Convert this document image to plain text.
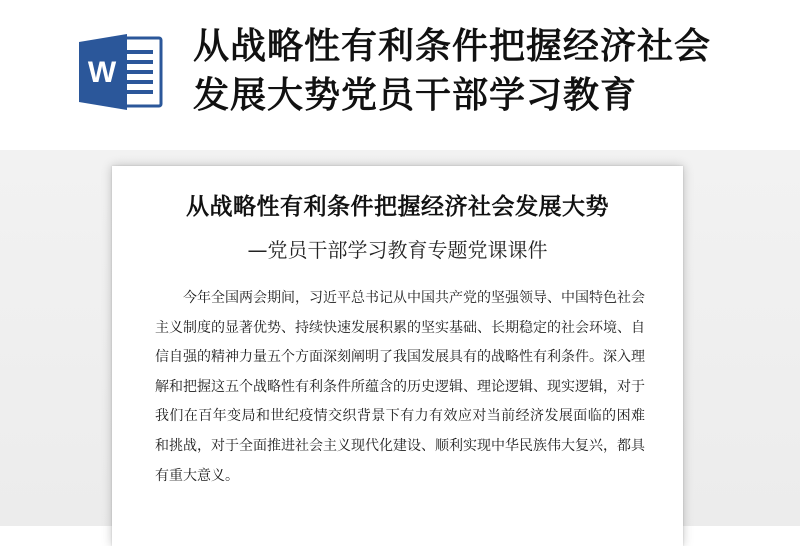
W
从战略性有利条件把握经济社会
发展大势党员干部学习教育
从战略性有利条件把握经济社会发展大势
—党员干部学习教育专题党课课件
今年全国两会期间，习近平总书记从中国共产党的坚强领导、中国特色社会
主义制度的显著优势、持续快速发展积累的坚实基础、长期稳定的社会环境、自
信自强的精神力量五个方面深刻阐明了我国发展具有的战略性有利条件。深入理
解和把握这五个战略性有利条件所蕴含的历史逻辑、理论逻辑、现实逻辑，对于
我们在百年变局和世纪疫情交织背景下有力有效应对当前经济发展面临的困难
和挑战，对于全面推进社会主义现代化建设、顺利实现中华民族伟大复兴，都具
有重大意义。
